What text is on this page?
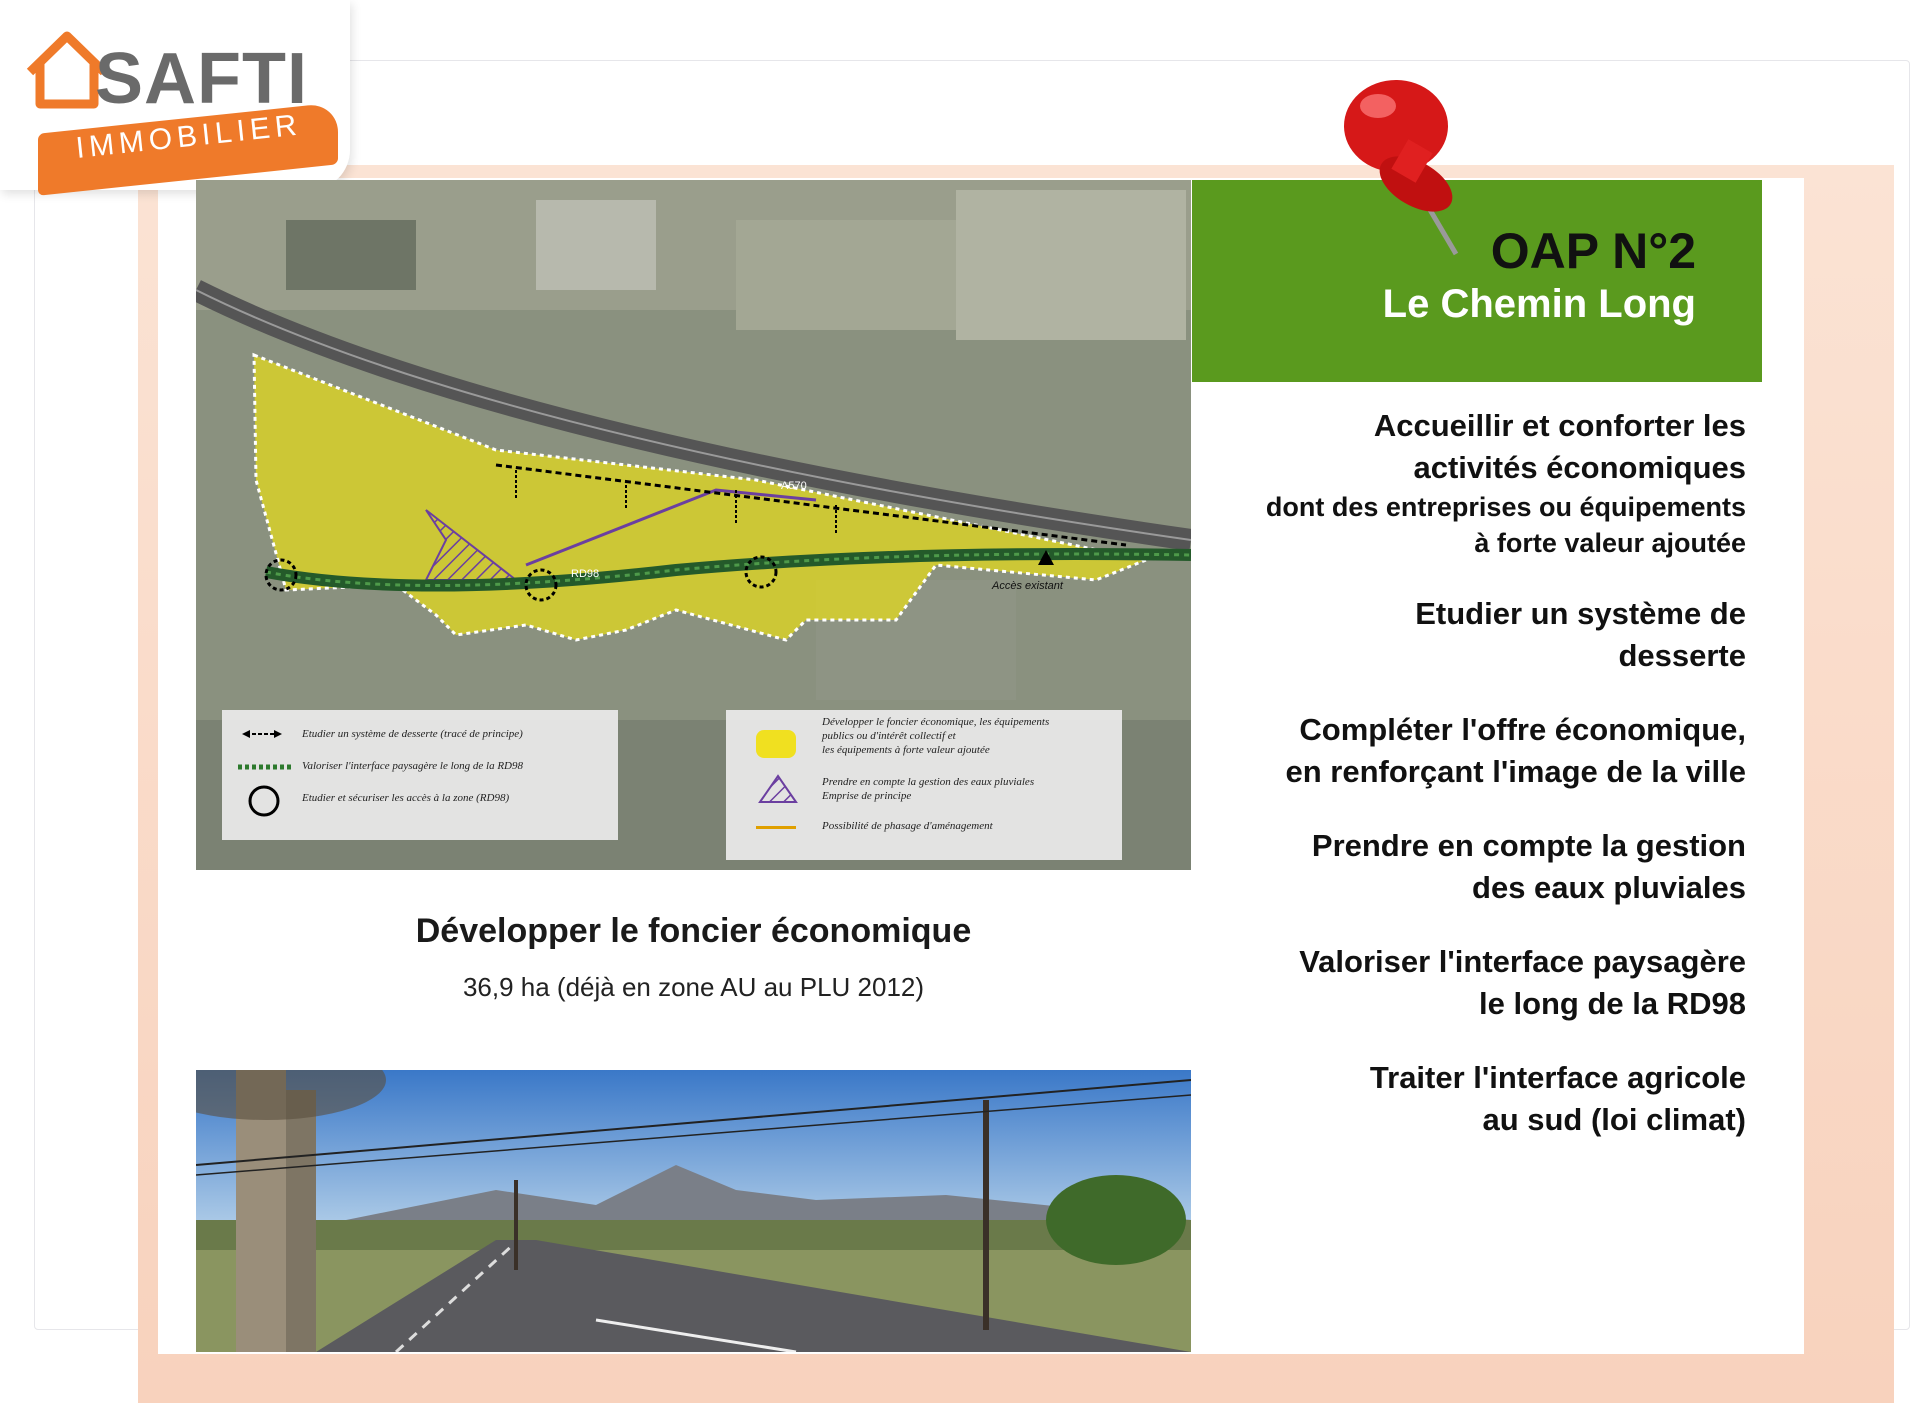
SAFTI
IMMOBILIER
A570
RD98
Accès existant
Etudier un système de desserte (tracé de principe)
Valoriser l'interface paysagère le long de la RD98
Etudier et sécuriser les accès à la zone (RD98)
Développer le foncier économique, les équipements
publics ou d'intérêt collectif et
les équipements à forte valeur ajoutée
Prendre en compte la gestion des eaux pluviales
Emprise de principe
Possibilité de phasage d'aménagement
OAP N°2
Le Chemin Long
Accueillir et conforter les
activités économiques
dont des entreprises ou équipements
à forte valeur ajoutée
Etudier un système de
desserte
Compléter l'offre économique,
en renforçant l'image de la ville
Prendre en compte la gestion
des eaux pluviales
Valoriser l'interface paysagère
le long de la RD98
Traiter l'interface agricole
au sud (loi climat)
Développer le foncier économique
36,9 ha (déjà en zone AU au PLU 2012)
